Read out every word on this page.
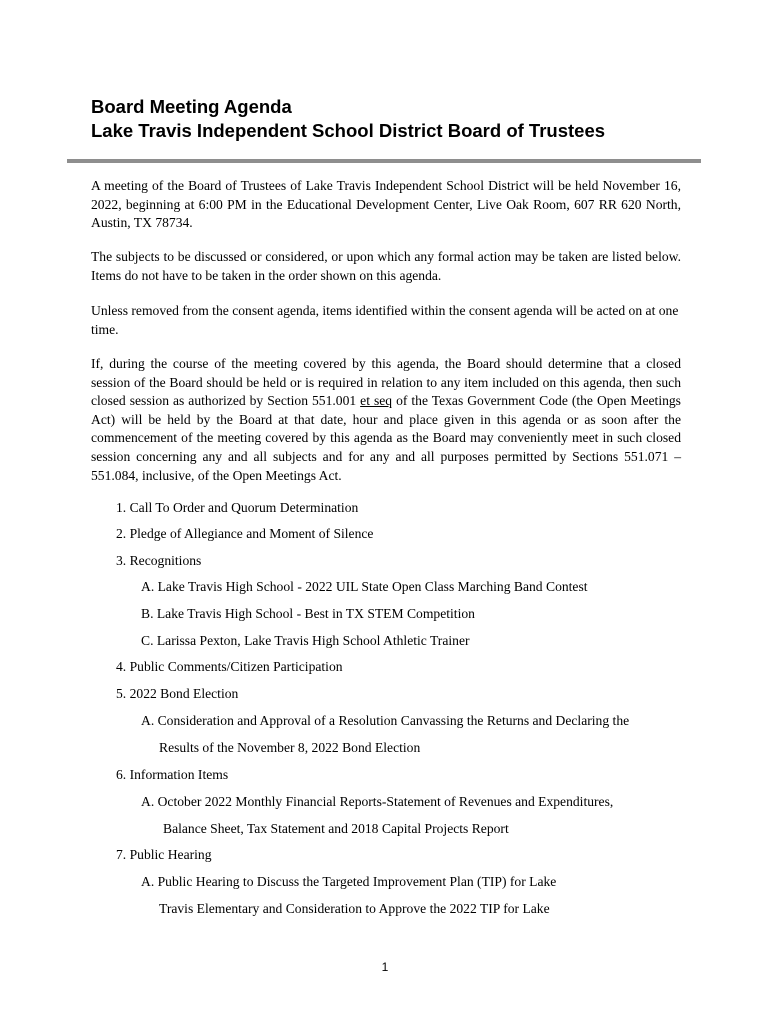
Board Meeting Agenda
Lake Travis Independent School District Board of Trustees
A meeting of the Board of Trustees of Lake Travis Independent School District will be held November 16, 2022, beginning at 6:00 PM in the Educational Development Center, Live Oak Room, 607 RR 620 North, Austin, TX 78734.
The subjects to be discussed or considered, or upon which any formal action may be taken are listed below. Items do not have to be taken in the order shown on this agenda.
Unless removed from the consent agenda, items identified within the consent agenda will be acted on at one time.
If, during the course of the meeting covered by this agenda, the Board should determine that a closed session of the Board should be held or is required in relation to any item included on this agenda, then such closed session as authorized by Section 551.001 et seq of the Texas Government Code (the Open Meetings Act) will be held by the Board at that date, hour and place given in this agenda or as soon after the commencement of the meeting covered by this agenda as the Board may conveniently meet in such closed session concerning any and all subjects and for any and all purposes permitted by Sections 551.071 – 551.084, inclusive, of the Open Meetings Act.
1. Call To Order and Quorum Determination
2. Pledge of Allegiance and Moment of Silence
3. Recognitions
A. Lake Travis High School - 2022 UIL State Open Class Marching Band Contest
B. Lake Travis High School - Best in TX STEM Competition
C. Larissa Pexton, Lake Travis High School Athletic Trainer
4. Public Comments/Citizen Participation
5. 2022 Bond Election
A. Consideration and Approval of a Resolution Canvassing the Returns and Declaring the
Results of the November 8, 2022 Bond Election
6. Information Items
A. October 2022 Monthly Financial Reports-Statement of Revenues and Expenditures,
Balance Sheet, Tax Statement and 2018 Capital Projects Report
7. Public Hearing
A. Public Hearing to Discuss the Targeted Improvement Plan (TIP) for Lake
Travis Elementary and Consideration to Approve the 2022 TIP for Lake
1
